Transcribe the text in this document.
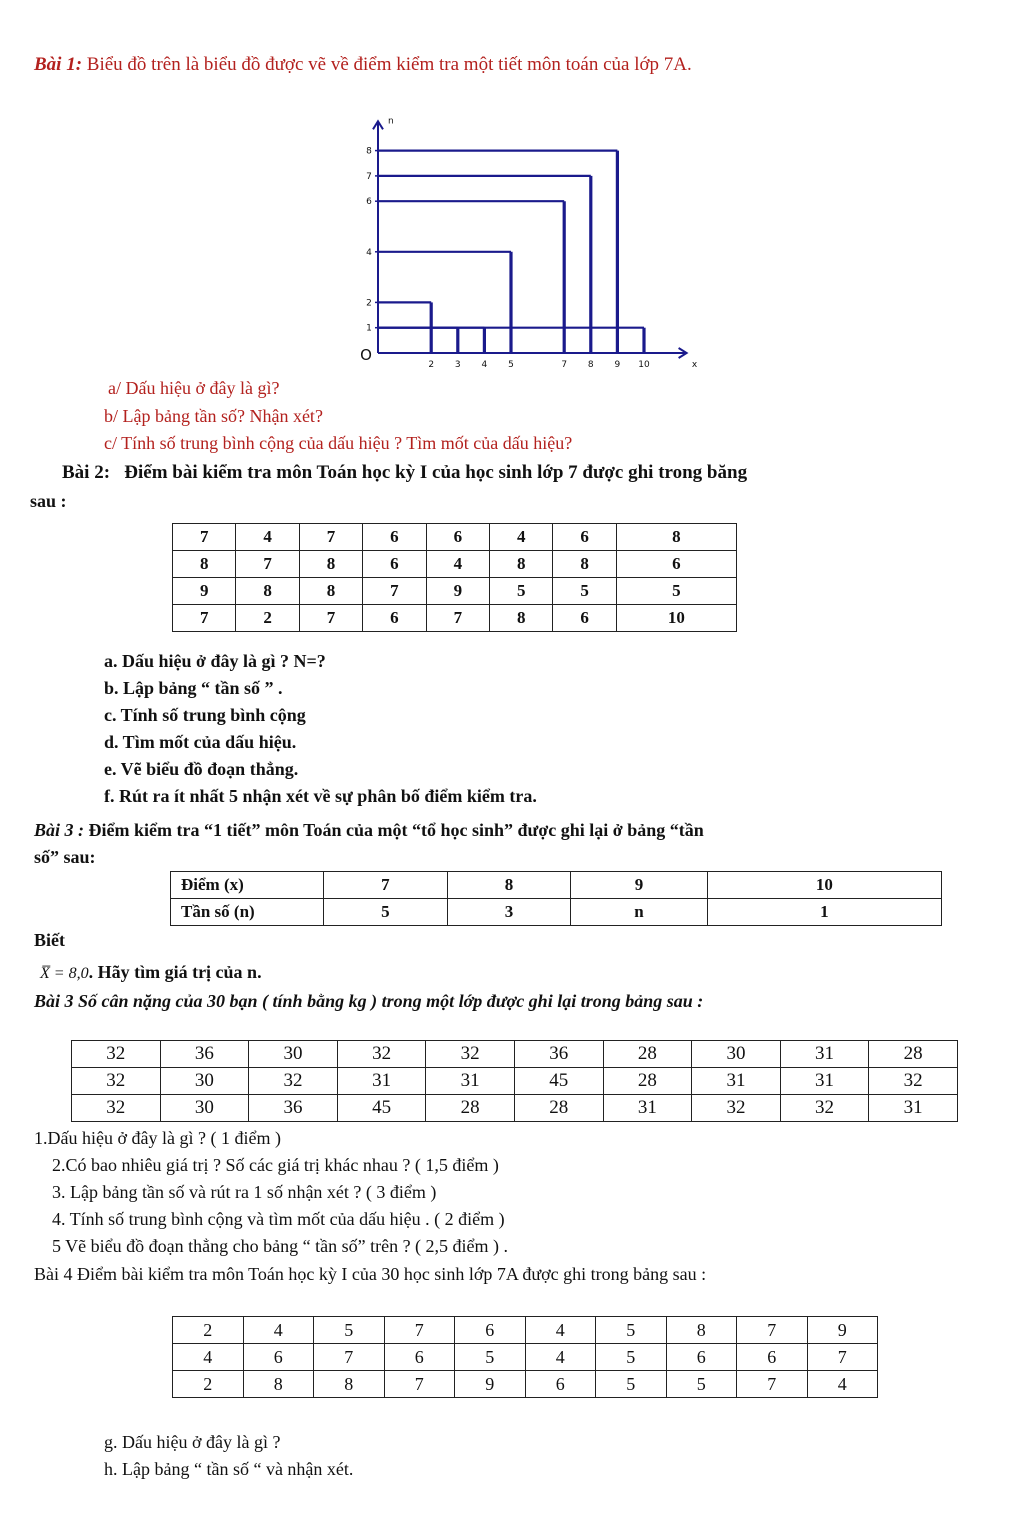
Bài 1: Biểu đồ trên là biểu đồ được vẽ về điểm kiểm tra một tiết môn toán của lớp 7A.
n
x
O
1
2
4
6
7
8
2 3 4 5	7 8 9 10
a/ Dấu hiệu ở đây là gì?
b/ Lập bảng tần số? Nhận xét?
c/ Tính số trung bình cộng của dấu hiệu ? Tìm mốt của dấu hiệu?
Bài 2: Điểm bài kiểm tra môn Toán học kỳ I của học sinh lớp 7 được ghi trong băng
sau :
7	4	7	6	6	4	6	8
8	7	8	6	4	8	8	6
9	8	8	7	9	5	5	5
7	2	7	6	7	8	6	10
a. Dấu hiệu ở đây là gì ? N=?
b. Lập bảng “ tần số ” .
c. Tính số trung bình cộng
d. Tìm mốt của dấu hiệu.
e. Vẽ biểu đồ đoạn thẳng.
f. Rút ra ít nhất 5 nhận xét về sự phân bố điểm kiểm tra.
Bài 3 : Điểm kiểm tra “1 tiết” môn Toán của một “tổ học sinh” được ghi lại ở bảng “tần
số” sau:
Điểm (x)	7	8	9	10
Tần số (n)	5	3	n	1
Biết
X̅ = 8,0. Hãy tìm giá trị của n.
Bài 3 Số cân nặng của 30 bạn ( tính bằng kg ) trong một lớp được ghi lại trong bảng sau :
32	36	30	32	32	36	28	30	31	28
32	30	32	31	31	45	28	31	31	32
32	30	36	45	28	28	31	32	32	31
1.Dấu hiệu ở đây là gì ? ( 1 điểm )
2.Có bao nhiêu giá trị ? Số các giá trị khác nhau ? ( 1,5 điểm )
3. Lập bảng tần số và rút ra 1 số nhận xét ? ( 3 điểm )
4. Tính số trung bình cộng và tìm mốt của dấu hiệu . ( 2 điểm )
5 Vẽ biểu đồ đoạn thẳng cho bảng “ tần số” trên ? ( 2,5 điểm ) .
Bài 4 Điểm bài kiểm tra môn Toán học kỳ I của 30 học sinh lớp 7A được ghi trong bảng sau :
2	4	5	7	6	4	5	8	7	9
4	6	7	6	5	4	5	6	6	7
2	8	8	7	9	6	5	5	7	4
g. Dấu hiệu ở đây là gì ?
h. Lập bảng “ tần số “ và nhận xét.
